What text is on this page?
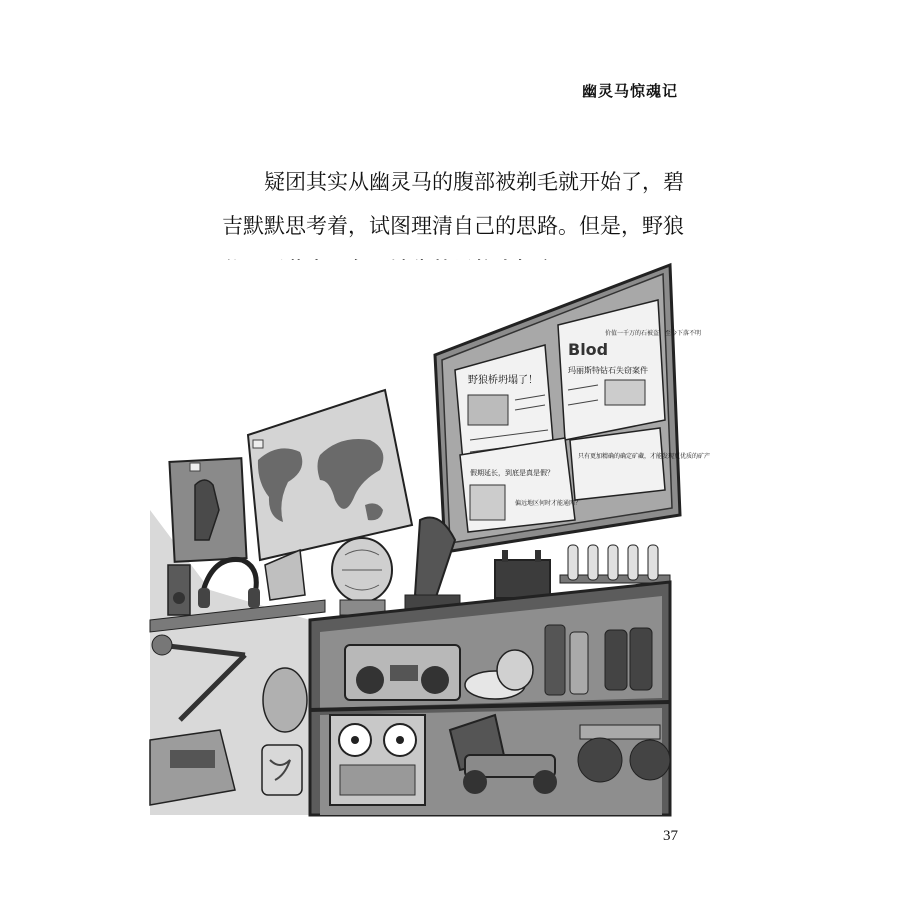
幽灵马惊魂记
疑团其实从幽灵马的腹部被剃毛就开始了，碧
吉默默思考着，试图理清自己的思路。但是，野狼
野狼桥坍塌了！
Blod
价值一千万的石被盗，至今下落不明
玛丽斯特钻石失窃案件
假期延长，到底是真是假？
偏远地区何时才能通网？
只有更加精确的确定矿藏，才能发现更优质的矿产
37
